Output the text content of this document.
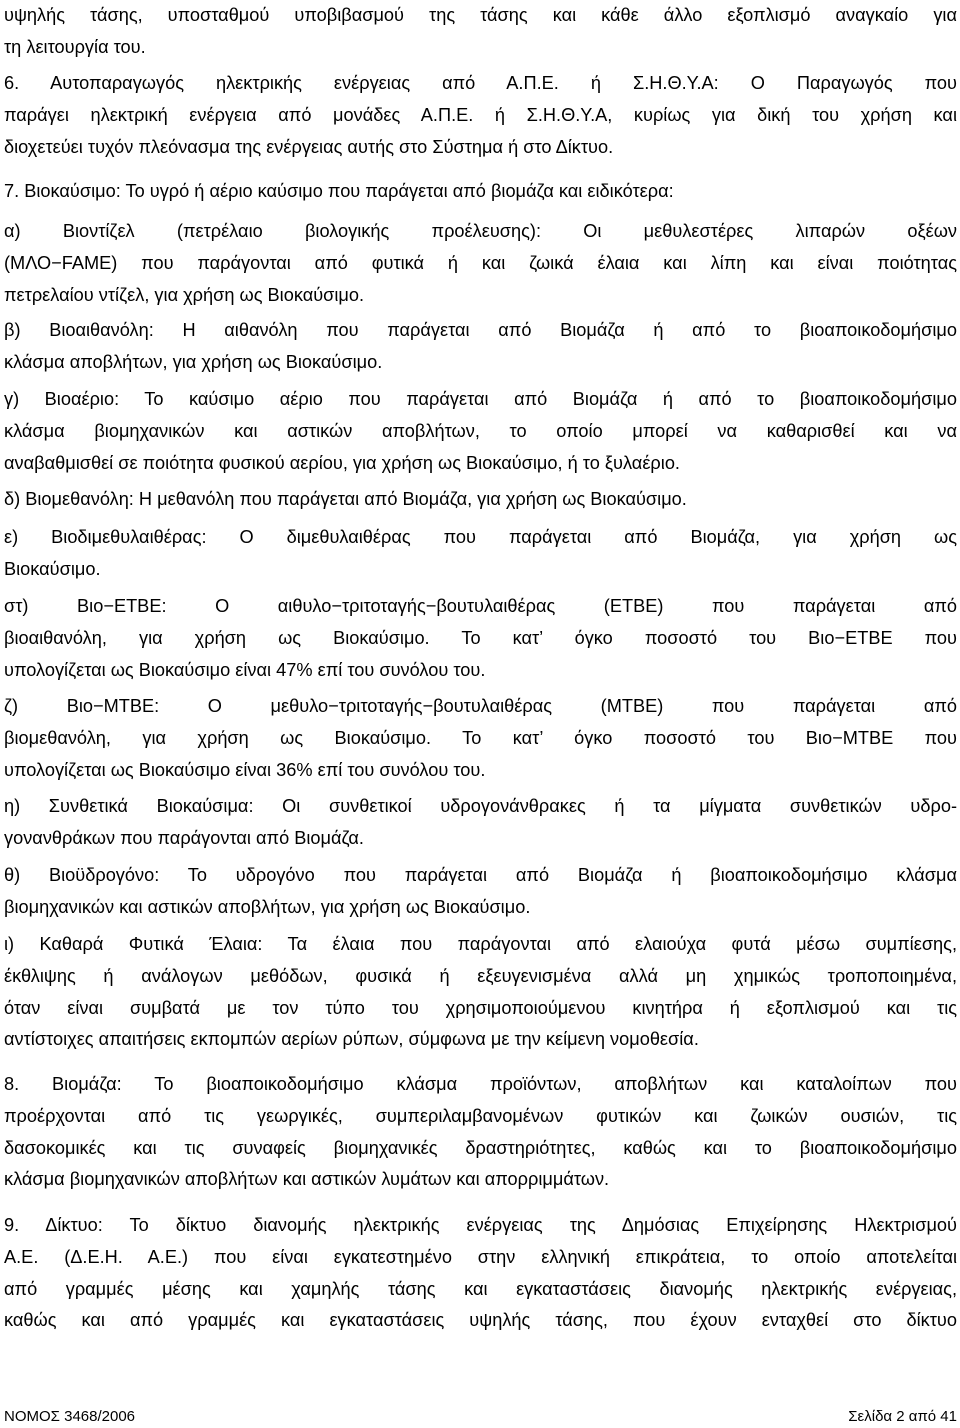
υψηλής τάσης, υποσταθμού υποβιβασμού της τάσης και κάθε άλλο εξοπλισμό αναγκαίο για
τη λειτουργία του.

6. Αυτοπαραγωγός ηλεκτρικής ενέργειας από Α.Π.Ε. ή Σ.Η.Θ.Υ.Α: Ο Παραγωγός που
παράγει ηλεκτρική ενέργεια από μονάδες Α.Π.Ε. ή Σ.Η.Θ.Υ.Α, κυρίως για δική του χρήση και
διοχετεύει τυχόν πλεόνασμα της ενέργειας αυτής στο Σύστημα ή στο Δίκτυο.

7. Βιοκαύσιμο: Το υγρό ή αέριο καύσιμο που παράγεται από βιομάζα και ειδικότερα:

α) Βιοντίζελ (πετρέλαιο βιολογικής προέλευσης): Οι μεθυλεστέρες λιπαρών οξέων
(ΜΛΟ−FAME) που παράγονται από φυτικά ή και ζωικά έλαια και λίπη και είναι ποιότητας
πετρελαίου ντίζελ, για χρήση ως Βιοκαύσιμο.

β) Βιοαιθανόλη: Η αιθανόλη που παράγεται από Βιομάζα ή από το βιοαποικοδομήσιμο
κλάσμα αποβλήτων, για χρήση ως Βιοκαύσιμο.

γ) Βιοαέριο: Το καύσιμο αέριο που παράγεται από Βιομάζα ή από το βιοαποικοδομήσιμο
κλάσμα βιομηχανικών και αστικών αποβλήτων, το οποίο μπορεί να καθαρισθεί και να
αναβαθμισθεί σε ποιότητα φυσικού αερίου, για χρήση ως Βιοκαύσιμο, ή το ξυλαέριο.

δ) Βιομεθανόλη: Η μεθανόλη που παράγεται από Βιομάζα, για χρήση ως Βιοκαύσιμο.

ε) Βιοδιμεθυλαιθέρας: Ο διμεθυλαιθέρας που παράγεται από Βιομάζα, για χρήση ως
Βιοκαύσιμο.

στ) Βιο−ΕΤΒΕ: Ο αιθυλο−τριτοταγής−βουτυλαιθέρας (ΕΤΒΕ) που παράγεται από
βιοαιθανόλη, για χρήση ως Βιοκαύσιμο. Το κατ’ όγκο ποσοστό του Βιο−ΕΤΒΕ που
υπολογίζεται ως Βιοκαύσιμο είναι 47% επί του συνόλου του.

ζ) Βιο−ΜΤΒΕ: Ο μεθυλο−τριτοταγής−βουτυλαιθέρας (ΜΤΒΕ) που παράγεται από
βιομεθανόλη, για χρήση ως Βιοκαύσιμο. Το κατ’ όγκο ποσοστό του Βιο−ΜΤΒΕ που
υπολογίζεται ως Βιοκαύσιμο είναι 36% επί του συνόλου του.

η) Συνθετικά Βιοκαύσιμα: Οι συνθετικοί υδρογονάνθρακες ή τα μίγματα συνθετικών υδρο-
γονανθράκων που παράγονται από Βιομάζα.

θ) Βιοϋδρογόνο: Το υδρογόνο που παράγεται από Βιομάζα ή βιοαποικοδομήσιμο κλάσμα
βιομηχανικών και αστικών αποβλήτων, για χρήση ως Βιοκαύσιμο.

ι) Καθαρά Φυτικά Έλαια: Τα έλαια που παράγονται από ελαιούχα φυτά μέσω συμπίεσης,
έκθλιψης ή ανάλογων μεθόδων, φυσικά ή εξευγενισμένα αλλά μη χημικώς τροποποιημένα,
όταν είναι συμβατά με τον τύπο του χρησιμοποιούμενου κινητήρα ή εξοπλισμού και τις
αντίστοιχες απαιτήσεις εκπομπών αερίων ρύπων, σύμφωνα με την κείμενη νομοθεσία.

8. Βιομάζα: Το βιοαποικοδομήσιμο κλάσμα προϊόντων, αποβλήτων και καταλοίπων που
προέρχονται από τις γεωργικές, συμπεριλαμβανομένων φυτικών και ζωικών ουσιών, τις
δασοκομικές και τις συναφείς βιομηχανικές δραστηριότητες, καθώς και το βιοαποικοδομήσιμο
κλάσμα βιομηχανικών αποβλήτων και αστικών λυμάτων και απορριμμάτων.

9. Δίκτυο: Το δίκτυο διανομής ηλεκτρικής ενέργειας της Δημόσιας Επιχείρησης Ηλεκτρισμού
Α.Ε. (Δ.Ε.Η. Α.Ε.) που είναι εγκατεστημένο στην ελληνική επικράτεια, το οποίο αποτελείται
από γραμμές μέσης και χαμηλής τάσης και εγκαταστάσεις διανομής ηλεκτρικής ενέργειας,
καθώς και από γραμμές και εγκαταστάσεις υψηλής τάσης, που έχουν ενταχθεί στο δίκτυο

ΝΟΜΟΣ 3468/2006	Σελίδα 2 από 41
